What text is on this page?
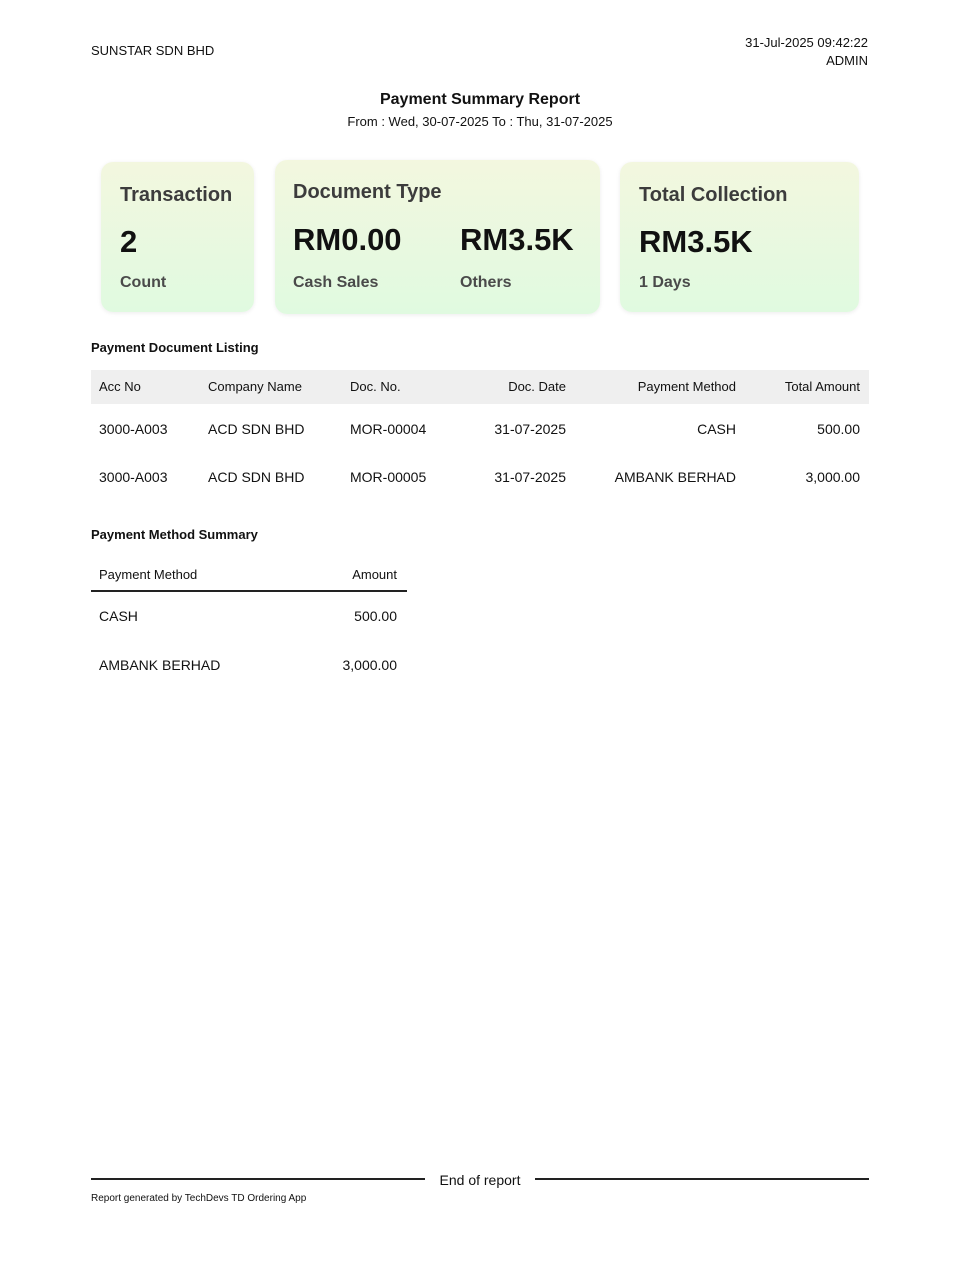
SUNSTAR SDN BHD
31-Jul-2025 09:42:22
ADMIN
Payment Summary Report
From : Wed, 30-07-2025 To : Thu, 31-07-2025
Transaction
2
Count
Document Type
RM0.00
Cash Sales
RM3.5K
Others
Total Collection
RM3.5K
1 Days
Payment Document Listing
Acc No	Company Name	Doc. No.	Doc. Date	Payment Method	Total Amount
3000-A003	ACD SDN BHD	MOR-00004	31-07-2025	CASH	500.00
3000-A003	ACD SDN BHD	MOR-00005	31-07-2025	AMBANK BERHAD	3,000.00
Payment Method Summary
Payment Method	Amount
CASH	500.00
AMBANK BERHAD	3,000.00
End of report
Report generated by TechDevs TD Ordering App
